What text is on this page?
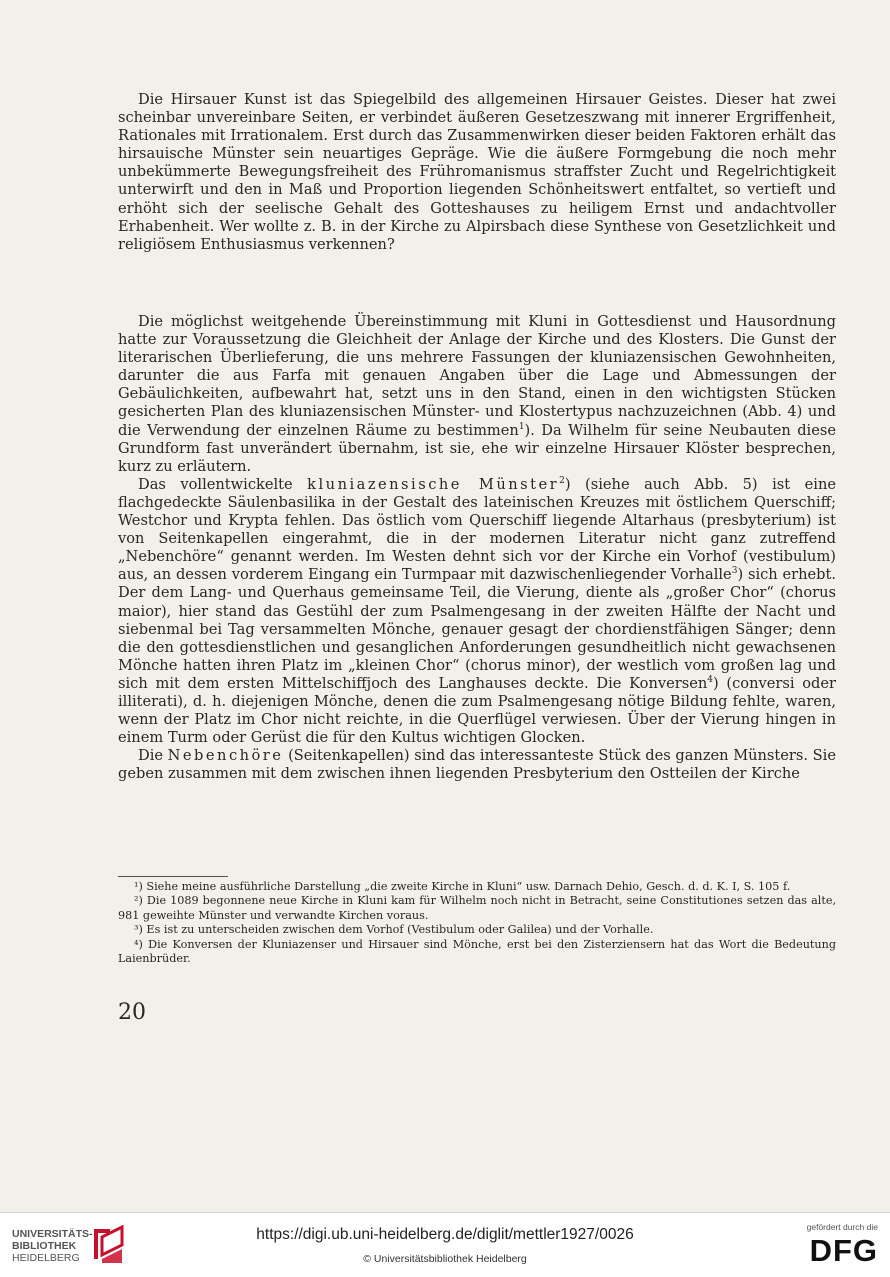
Die Hirsauer Kunst ist das Spiegelbild des allgemeinen Hirsauer Geistes. Dieser hat zwei scheinbar unvereinbare Seiten, er verbindet äußeren Gesetzeszwang mit innerer Ergriffenheit, Rationales mit Irrationalem. Erst durch das Zusammenwirken dieser beiden Faktoren erhält das hirsauische Münster sein neuartiges Gepräge. Wie die äußere Formgebung die noch mehr unbekümmerte Bewegungsfreiheit des Frühromanismus straffster Zucht und Regelrichtigkeit unterwirft und den in Maß und Proportion liegenden Schönheitswert entfaltet, so vertieft und erhöht sich der seelische Gehalt des Gotteshauses zu heiligem Ernst und andachtvoller Erhabenheit. Wer wollte z. B. in der Kirche zu Alpirsbach diese Synthese von Gesetzlichkeit und religiösem Enthusiasmus verkennen?

Die möglichst weitgehende Übereinstimmung mit Kluni in Gottesdienst und Hausordnung hatte zur Voraussetzung die Gleichheit der Anlage der Kirche und des Klosters. Die Gunst der literarischen Überlieferung, die uns mehrere Fassungen der kluniazensischen Gewohnheiten, darunter die aus Farfa mit genauen Angaben über die Lage und Abmessungen der Gebäulichkeiten, aufbewahrt hat, setzt uns in den Stand, einen in den wichtigsten Stücken gesicherten Plan des kluniazensischen Münster- und Klostertypus nachzuzeichnen (Abb. 4) und die Verwendung der einzelnen Räume zu bestimmen$^1$). Da Wilhelm für seine Neubauten diese Grundform fast unverändert übernahm, ist sie, ehe wir einzelne Hirsauer Klöster besprechen, kurz zu erläutern.

Das vollentwickelte kluniazensische Münster$^2$) (siehe auch Abb. 5) ist eine flachgedeckte Säulenbasilika in der Gestalt des lateinischen Kreuzes mit östlichem Querschiff; Westchor und Krypta fehlen. Das östlich vom Querschiff liegende Altarhaus (presbyterium) ist von Seitenkapellen eingerahmt, die in der modernen Literatur nicht ganz zutreffend „Nebenchöre“ genannt werden. Im Westen dehnt sich vor der Kirche ein Vorhof (vestibulum) aus, an dessen vorderem Eingang ein Turmpaar mit dazwischenliegender Vorhalle$^3$) sich erhebt. Der dem Lang- und Querhaus gemeinsame Teil, die Vierung, diente als „großer Chor“ (chorus maior), hier stand das Gestühl der zum Psalmengesang in der zweiten Hälfte der Nacht und siebenmal bei Tag versammelten Mönche, genauer gesagt der chordienstfähigen Sänger; denn die den gottesdienstlichen und gesanglichen Anforderungen gesundheitlich nicht gewachsenen Mönche hatten ihren Platz im „kleinen Chor“ (chorus minor), der westlich vom großen lag und sich mit dem ersten Mittelschiffjoch des Langhauses deckte. Die Konversen$^4$) (conversi oder illiterati), d. h. diejenigen Mönche, denen die zum Psalmengesang nötige Bildung fehlte, waren, wenn der Platz im Chor nicht reichte, in die Querflügel verwiesen. Über der Vierung hingen in einem Turm oder Gerüst die für den Kultus wichtigen Glocken.

Die Nebenchöre (Seitenkapellen) sind das interessanteste Stück des ganzen Münsters. Sie geben zusammen mit dem zwischen ihnen liegenden Presbyterium den Ostteilen der Kirche

¹) Siehe meine ausführliche Darstellung „die zweite Kirche in Kluni“ usw. Darnach Dehio, Gesch. d. d. K. I, S. 105 f.

²) Die 1089 begonnene neue Kirche in Kluni kam für Wilhelm noch nicht in Betracht, seine Constitutiones setzen das alte, 981 geweihte Münster und verwandte Kirchen voraus.

³) Es ist zu unterscheiden zwischen dem Vorhof (Vestibulum oder Galilea) und der Vorhalle.

⁴) Die Konversen der Kluniazenser und Hirsauer sind Mönche, erst bei den Zisterziensern hat das Wort die Bedeutung Laienbrüder.

20
UNIVERSITÄTS-
BIBLIOTHEK
HEIDELBERG
https://digi.ub.uni-heidelberg.de/diglit/mettler1927/0026
© Universitätsbibliothek Heidelberg
gefördert durch die
DFG
